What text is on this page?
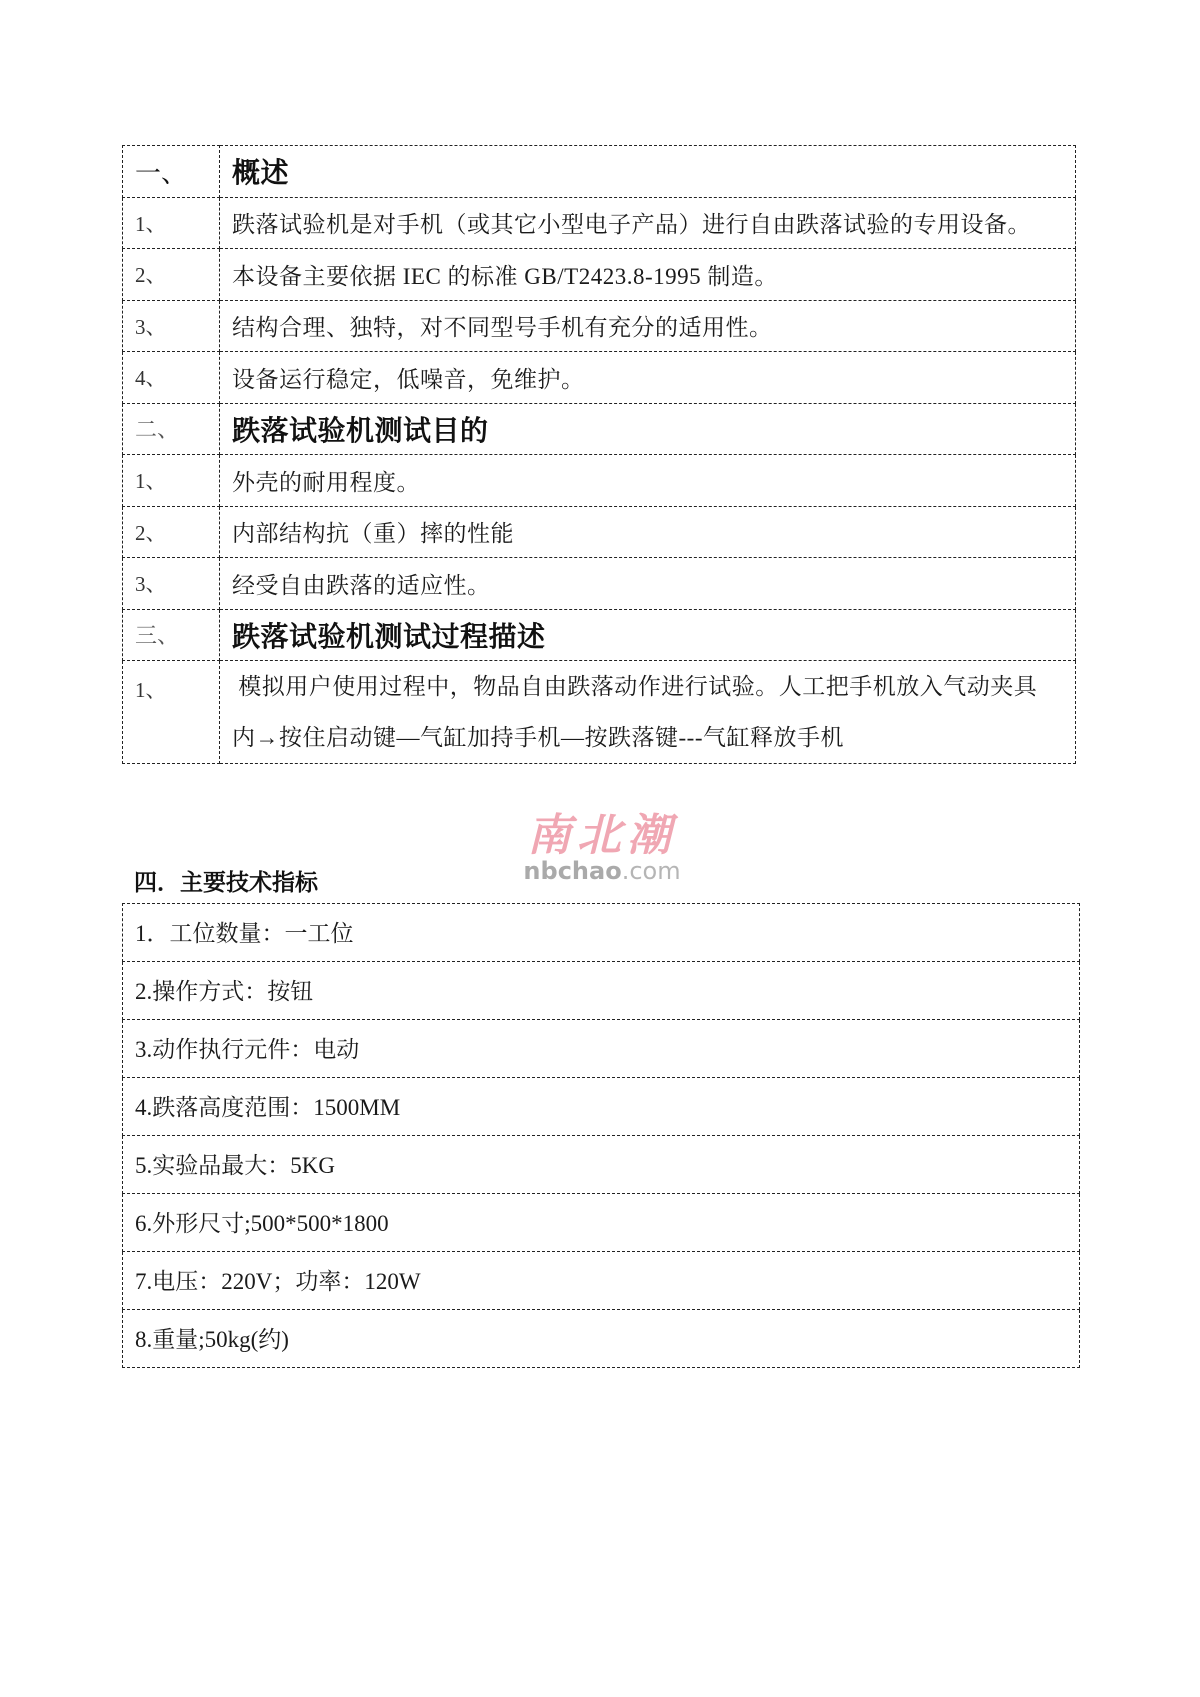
一、	概述
1、	跌落试验机是对手机（或其它小型电子产品）进行自由跌落试验的专用设备。
2、	本设备主要依据 IEC 的标准 GB/T2423.8-1995 制造。
3、	结构合理、独特，对不同型号手机有充分的适用性。
4、	设备运行稳定，低噪音，免维护。
二、	跌落试验机测试目的
1、	外壳的耐用程度。
2、	内部结构抗（重）摔的性能
3、	经受自由跌落的适应性。
三、	跌落试验机测试过程描述
1、	模拟用户使用过程中，物品自由跌落动作进行试验。人工把手机放入气动夹具
内→按住启动键—气缸加持手机—按跌落键---气缸释放手机
南北潮
nbchao.com
四．主要技术指标
1．工位数量：一工位
2.操作方式：按钮
3.动作执行元件：电动
4.跌落高度范围：1500MM
5.实验品最大：5KG
6.外形尺寸;500*500*1800
7.电压：220V；功率：120W
8.重量;50kg(约)
